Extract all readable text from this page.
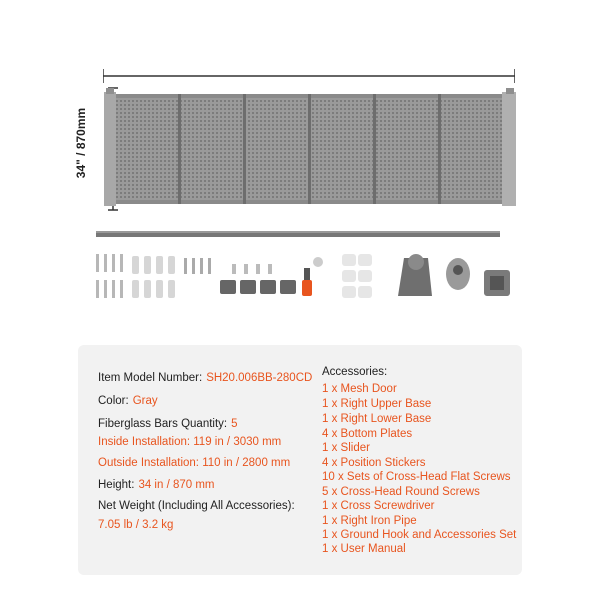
34" / 870mm
Item Model Number: SH20.006BB-280CD
Color: Gray
Fiberglass Bars Quantity: 5
Inside Installation: 119 in / 3030 mm
Outside Installation: 110 in / 2800 mm
Height: 34 in / 870 mm
Net Weight (Including All Accessories):
7.05 lb / 3.2 kg
Accessories:
1 x Mesh Door
1 x Right Upper Base
1 x Right Lower Base
4 x Bottom Plates
1 x Slider
4 x Position Stickers
10 x Sets of Cross-Head Flat Screws
5 x Cross-Head Round Screws
1 x Cross Screwdriver
1 x Right Iron Pipe
1 x Ground Hook and Accessories Set
1 x User Manual
